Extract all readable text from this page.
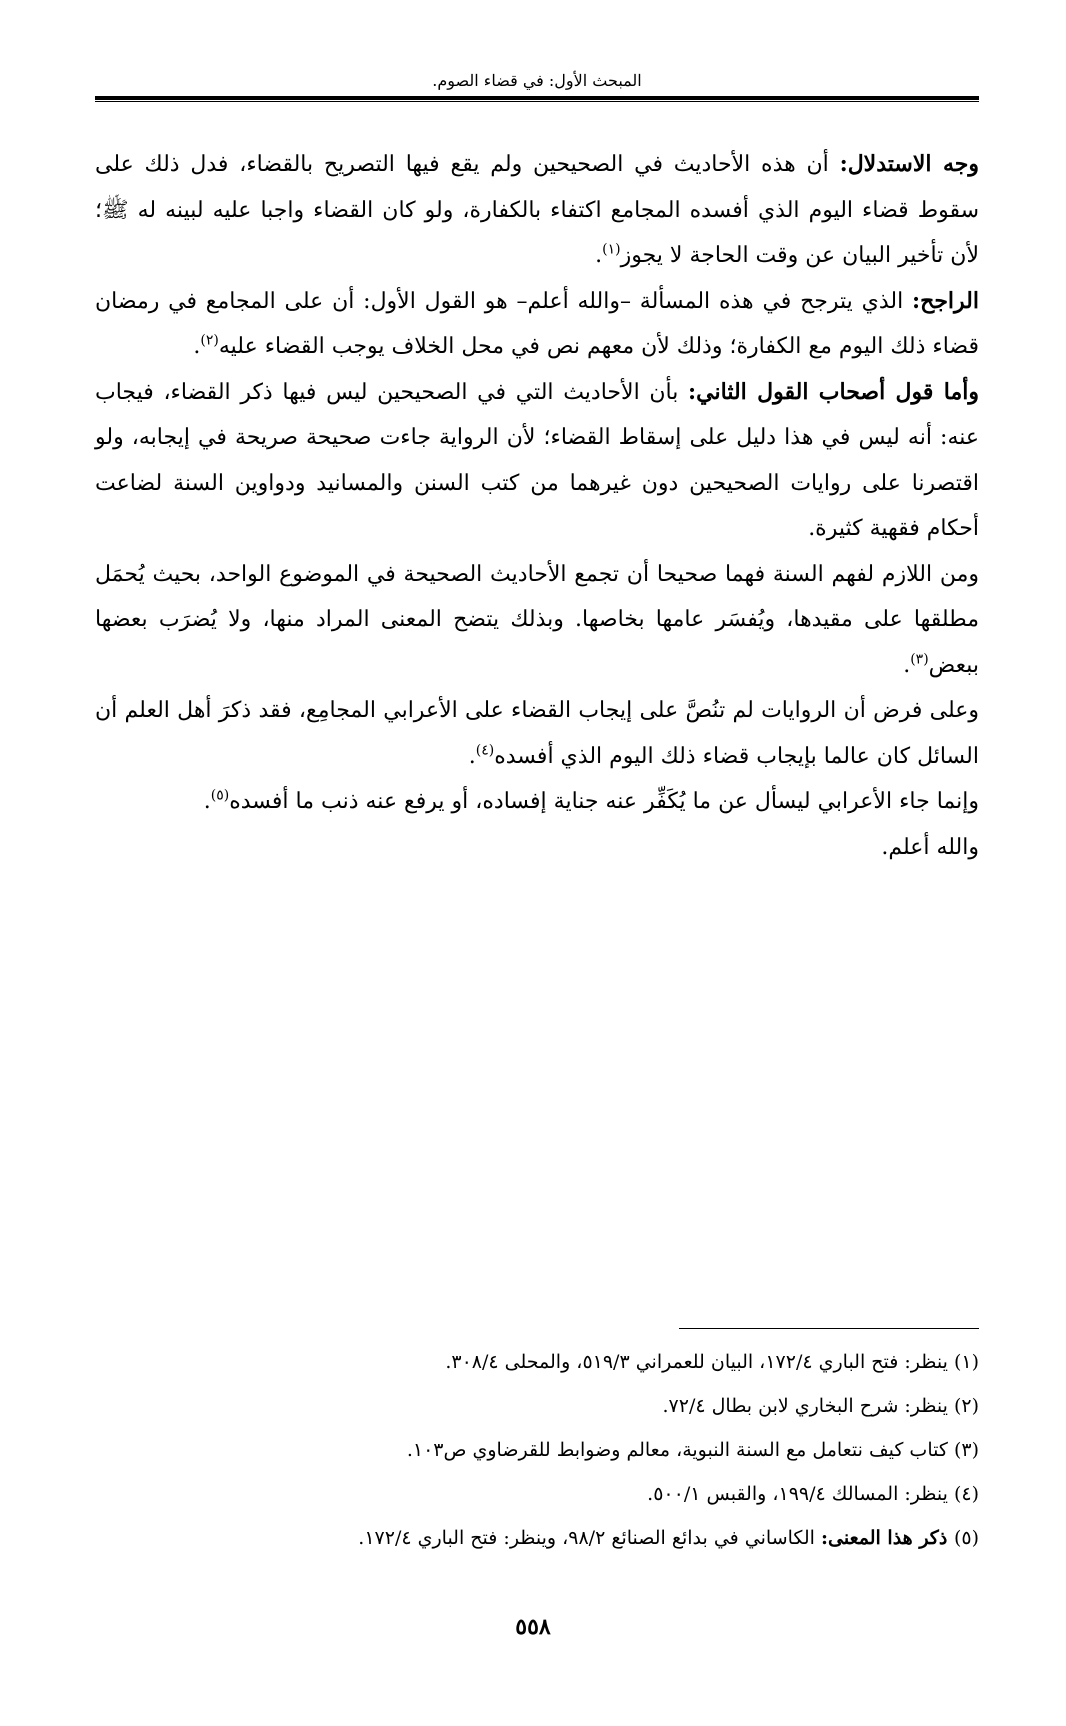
المبحث الأول: في قضاء الصوم.

وجه الاستدلال: أن هذه الأحاديث في الصحيحين ولم يقع فيها التصريح بالقضاء، فدل ذلك على سقوط قضاء اليوم الذي أفسده المجامع اكتفاء بالكفارة، ولو كان القضاء واجبا عليه لبينه له ﷺ؛ لأن تأخير البيان عن وقت الحاجة لا يجوز$^{(١)}$.

الراجح: الذي يترجح في هذه المسألة –والله أعلم– هو القول الأول: أن على المجامع في رمضان قضاء ذلك اليوم مع الكفارة؛ وذلك لأن معهم نص في محل الخلاف يوجب القضاء عليه$^{(٢)}$.

وأما قول أصحاب القول الثاني: بأن الأحاديث التي في الصحيحين ليس فيها ذكر القضاء، فيجاب عنه: أنه ليس في هذا دليل على إسقاط القضاء؛ لأن الرواية جاءت صحيحة صريحة في إيجابه، ولو اقتصرنا على روايات الصحيحين دون غيرهما من كتب السنن والمسانيد ودواوين السنة لضاعت أحكام فقهية كثيرة.

ومن اللازم لفهم السنة فهما صحيحا أن تجمع الأحاديث الصحيحة في الموضوع الواحد، بحيث يُحمَل مطلقها على مقيدها، ويُفسَر عامها بخاصها. وبذلك يتضح المعنى المراد منها، ولا يُضرَب بعضها ببعض$^{(٣)}$.

وعلى فرض أن الروايات لم تنُصَّ على إيجاب القضاء على الأعرابي المجامِع، فقد ذكرَ أهل العلم أن السائل كان عالما بإيجاب قضاء ذلك اليوم الذي أفسده$^{(٤)}$.

وإنما جاء الأعرابي ليسأل عن ما يُكَفِّر عنه جناية إفساده، أو يرفع عنه ذنب ما أفسده$^{(٥)}$.

والله أعلم.

(١) ينظر: فتح الباري ١٧٢/٤، البيان للعمراني ٥١٩/٣، والمحلى ٣٠٨/٤.

(٢) ينظر: شرح البخاري لابن بطال ٧٢/٤.

(٣) كتاب كيف نتعامل مع السنة النبوية، معالم وضوابط للقرضاوي ص١٠٣.

(٤) ينظر: المسالك ١٩٩/٤، والقبس ٥٠٠/١.

(٥) ذكر هذا المعنى: الكاساني في بدائع الصنائع ٩٨/٢، وينظر: فتح الباري ١٧٢/٤.

٥٥٨
